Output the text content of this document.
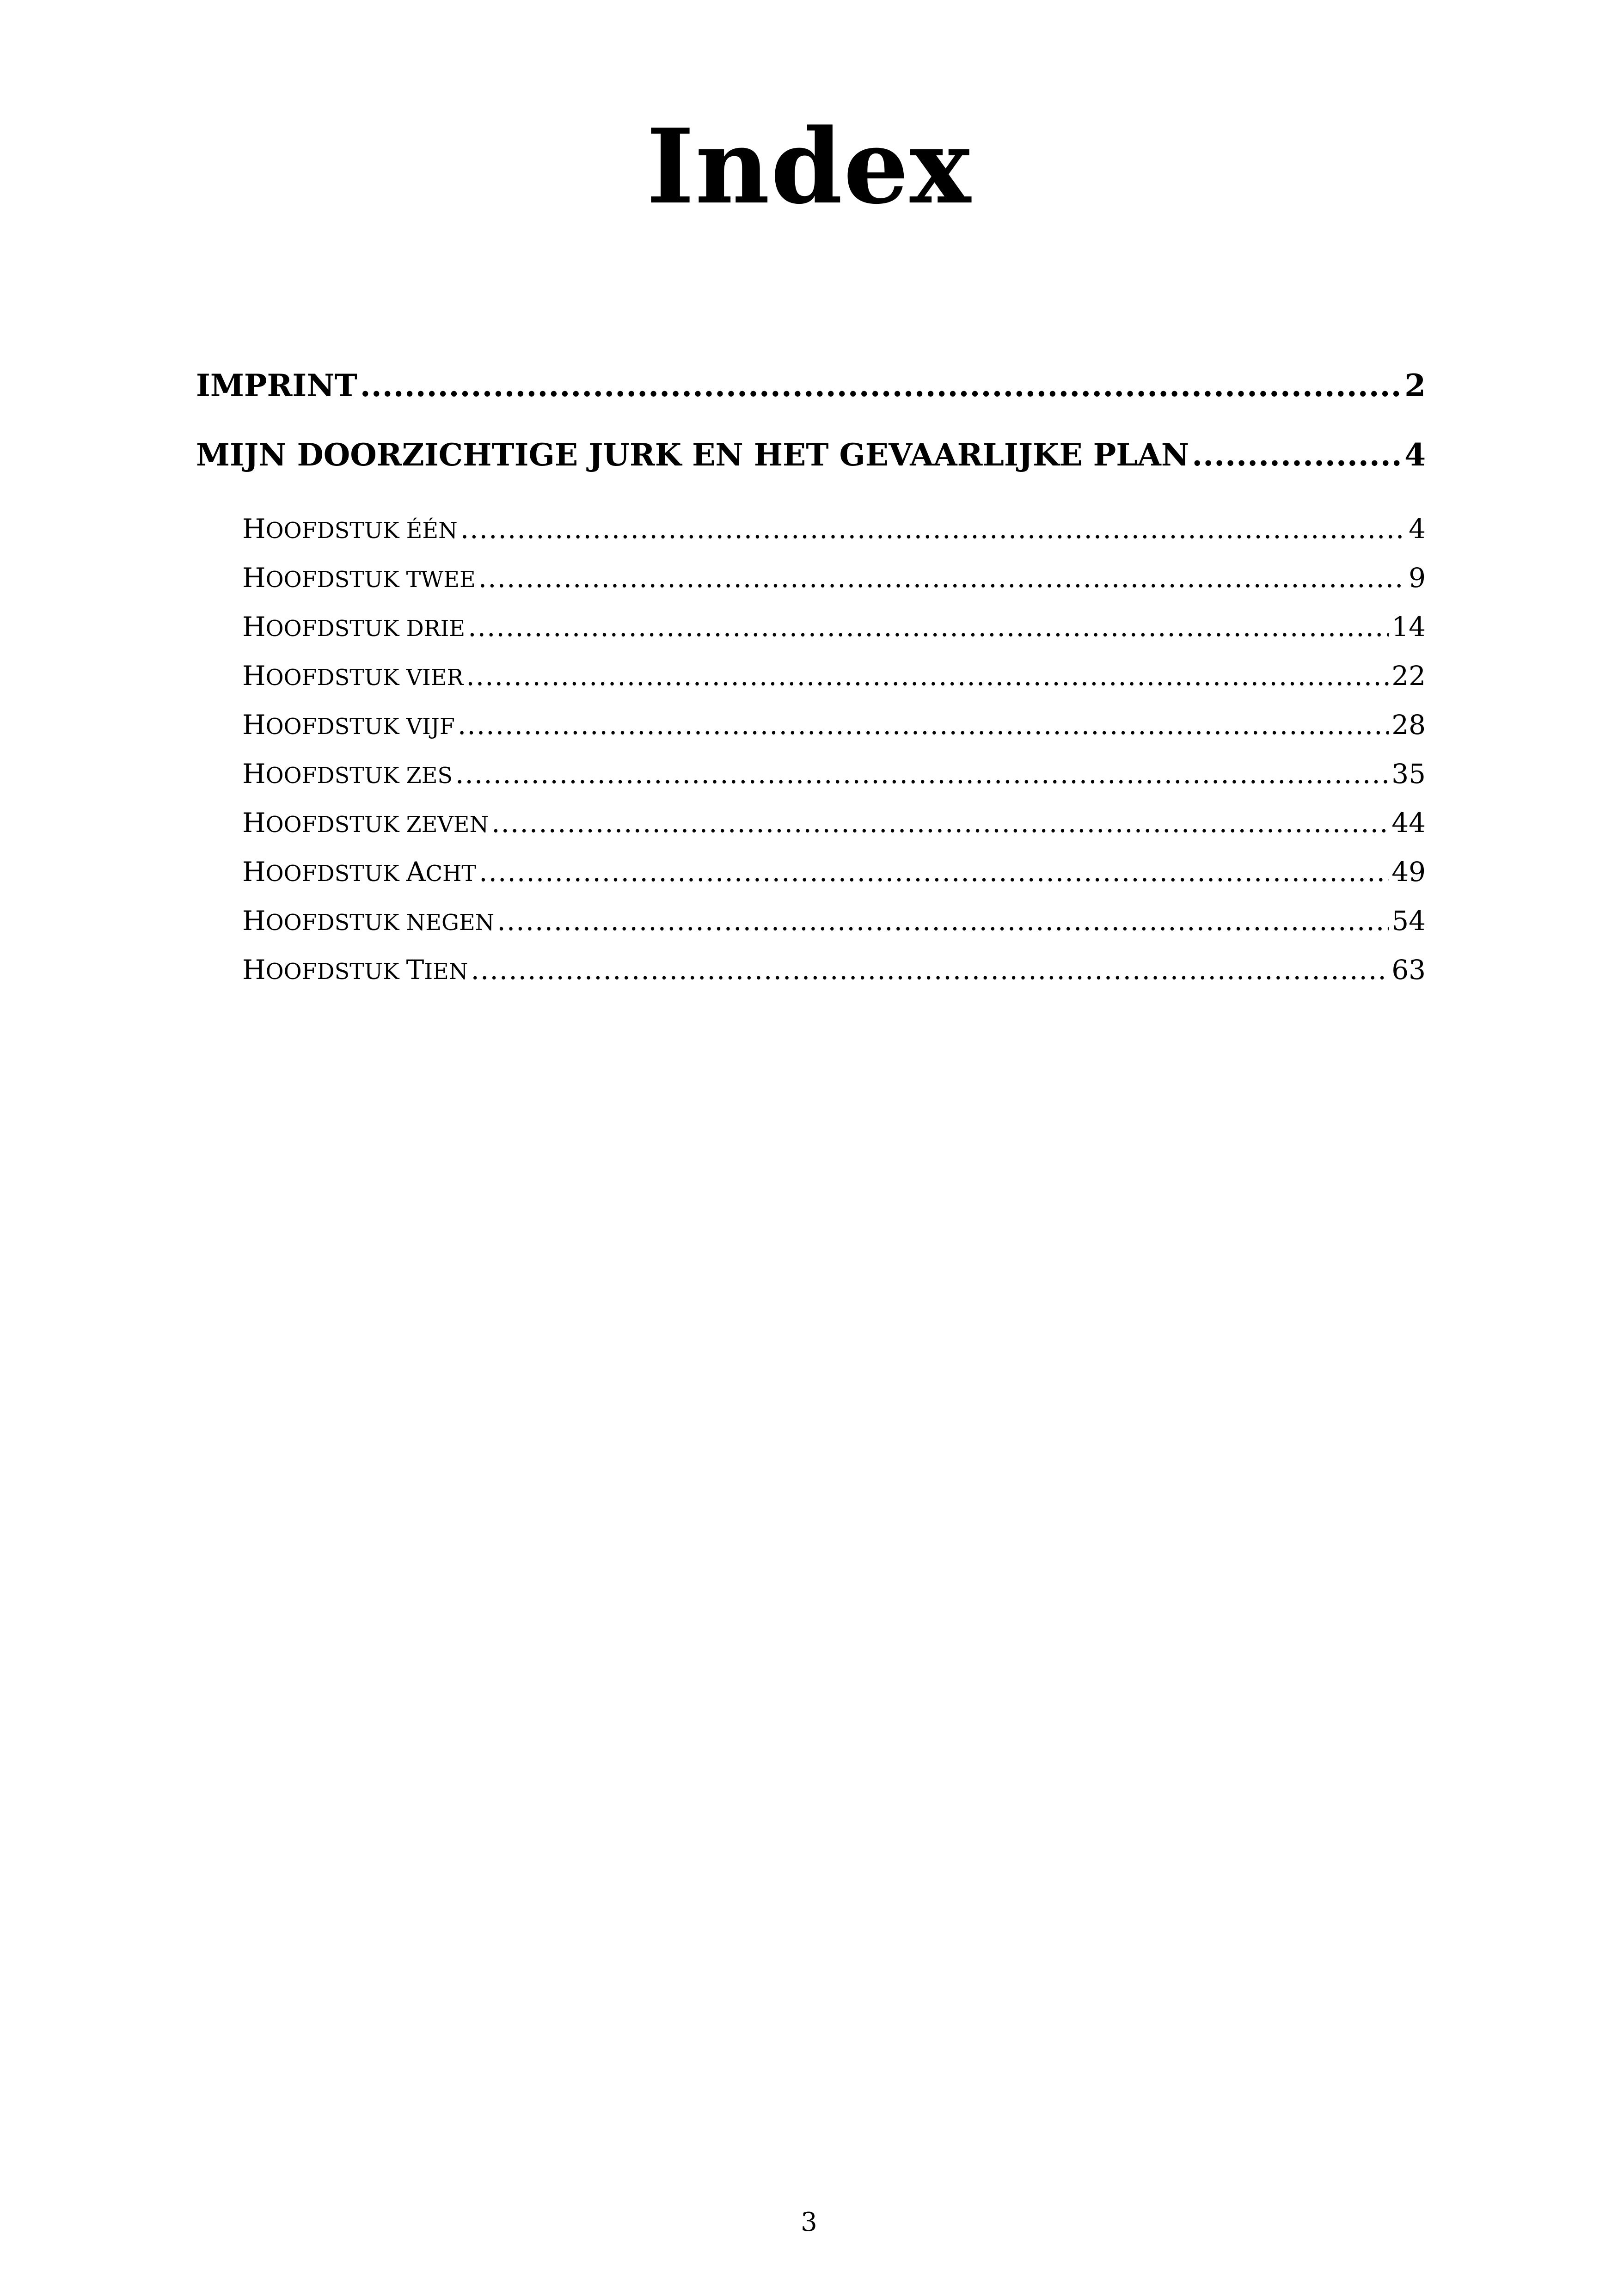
Index
IMPRINT .....	2
MIJN DOORZICHTIGE JURK EN HET GEVAARLIJKE PLAN .....	4
HOOFDSTUK ÉÉN .....	4
HOOFDSTUK TWEE .....	9
HOOFDSTUK DRIE .....	14
HOOFDSTUK VIER .....	22
HOOFDSTUK VIJF .....	28
HOOFDSTUK ZES .....	35
HOOFDSTUK ZEVEN .....	44
HOOFDSTUK ACHT .....	49
HOOFDSTUK NEGEN .....	54
HOOFDSTUK TIEN .....	63
3
